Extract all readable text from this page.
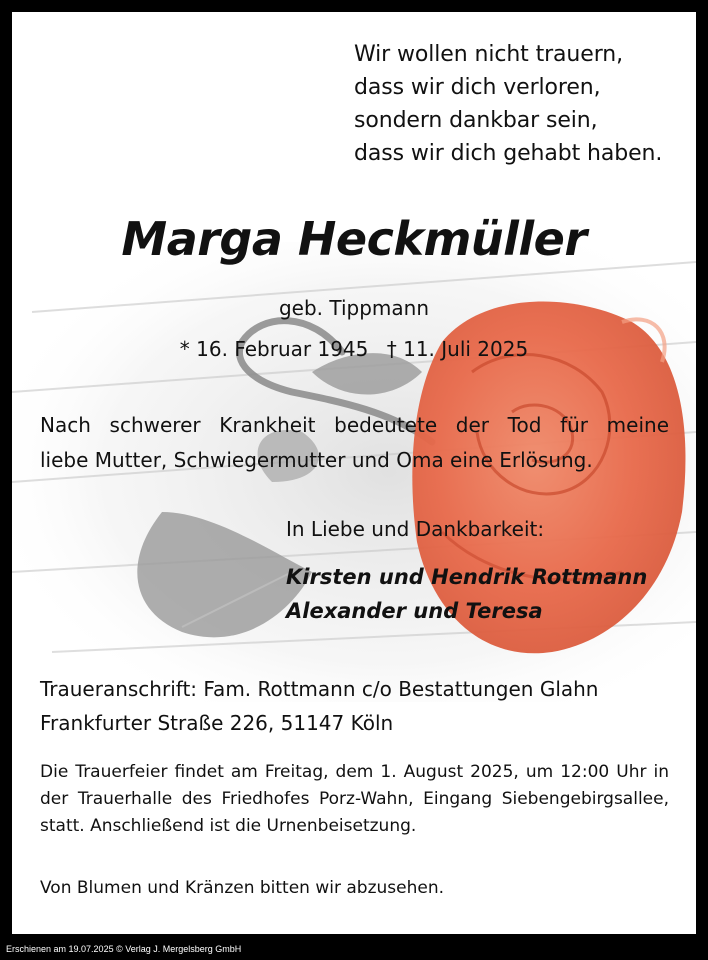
Wir wollen nicht trauern,
dass wir dich verloren,
sondern dankbar sein,
dass wir dich gehabt haben.
Marga Heckmüller
geb. Tippmann
* 16. Februar 1945 † 11. Juli 2025
Nach schwerer Krankheit bedeutete der Tod für meine
liebe Mutter, Schwiegermutter und Oma eine Erlösung.
In Liebe und Dankbarkeit:
Kirsten und Hendrik Rottmann
Alexander und Teresa
Traueranschrift: Fam. Rottmann c/o Bestattungen Glahn
Frankfurter Straße 226, 51147 Köln
Die Trauerfeier findet am Freitag, dem 1. August 2025, um 12:00 Uhr in der Trauerhalle des Friedhofes Porz-Wahn, Eingang Siebengebirgsallee, statt. Anschließend ist die Urnenbeisetzung.
Von Blumen und Kränzen bitten wir abzusehen.
Erschienen am 19.07.2025 © Verlag J. Mergelsberg GmbH
